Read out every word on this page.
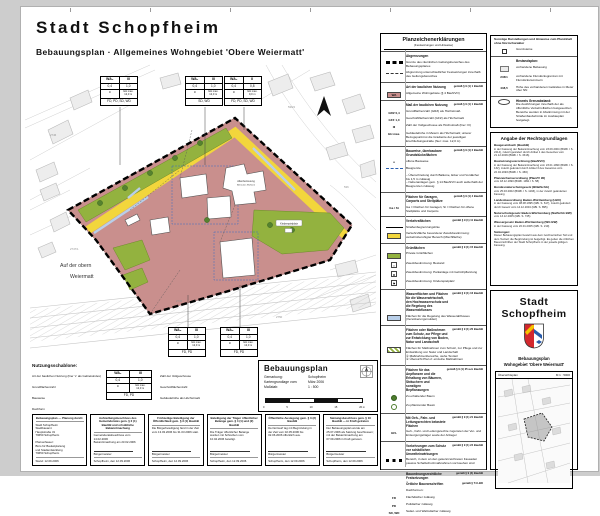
Stadt Schopfheim
Bebauungsplan · Allgemeines Wohngebiet 'Obere Weiermatt'
Kinderspielplatz
Altenbetreuung
Betreutes Wohnen
Auf der obern
Weiermatt
2746
2747/1
2745
530/2
536
2750
WA₃	III
0,4	1,0
o	GH max.
12,0 m
FD, PD, SD, WD
WA₁	III
0,4	1,0
o	GH max.
12,0 m
SD, WD
WA₂	II
0,4	0,8
o	GH max.
9,0 m
FD, PD, SD, WD
WA₄	III
0,4	1,0
o	GH max.
12,0 m
FD, PD
WA₅	III
0,4	1,0
o	GH max.
12,0 m
FD, PD
Planzeichenerklärungen
(Festsetzungen und Hinweise)
Abgrenzungen
Grenze des räumlichen Geltungsbereiches des Bebauungsplanes
Abgrenzung unterschiedlicher Festsetzungen innerhalb des Geltungsbereiches
Art der baulichen Nutzung	gemäß § 9 (1) 1 BauGB
WA
Allgemeine Wohngebiete (§ 4 BauNVO)
Maß der baulichen Nutzung	gemäß § 9 (1) 1 BauGB
GRZ 0,4 Grundflächenzahl (GRZ) als Höchstmaß
GFZ 1,0 Geschoßflächenzahl (GFZ) als Höchstmaß
III	Zahl der Vollgeschosse als Höchstmaß (hier: III)
GH max. Gebäudehöhe in Metern als Höchstmaß; unterer Bezugspunkt ist die Gradiente der jeweiligen Erschließungsstraße (hier: max. 12,0 m)
Bauweise, überbaubare Grundstücksflächen
gemäß § 9 (1) 2 BauGB
o	offene Bauweise
Baugrenze
– Überschreitung durch Balkone, Erker und Vordächer bis 1,5 m zulässig
– Nebenanlagen gem. § 14 BauNVO auch außerhalb der Baugrenzen zulässig
Flächen für Garagen, Carports und Stellplätze
gemäß § 9 (1) 4 BauGB
Ga / St Ga = Flächen für Garagen; St = Flächen für offene Stellplätze und Carports
Verkehrsflächen	gemäß § 9 (1) 11 BauGB
Straßenbegrenzungslinie
Verkehrsfläche besonderer Zweckbestimmung:
verkehrsberuhigter Bereich (Mischfläche)
Grünflächen	gemäß § 9 (1) 15 BauGB
Private Grünflächen
▪
Zweckbestimmung: Bestand
♣
Zweckbestimmung: Parkanlage mit Gehölzpflanzung
⚑
Zweckbestimmung: Kinderspielplatz
Wasserflächen und Flächen für die Wasserwirtschaft, den Hochwasserschutz und die Regelung des Wasserabflusses
gemäß § 9 (1) 16 BauGB
Flächen für die Regelung des Wasserabflusses (Versickerungsmulden)
Flächen oder Maßnahmen zum Schutz, zur Pflege und zur Entwicklung von Boden, Natur und Landschaft
gemäß § 9 (1) 20 BauGB
Flächen für Maßnahmen zum Schutz, zur Pflege und zur Entwicklung von Natur und Landschaft
① Maßnahmenbereiche, siehe Textteil
② Übersicht Plan 2: einzelne Maßnahmen
Flächen für das Anpflanzen und die Erhaltung von Bäumen, Sträuchern und sonstigen Bepflanzungen
gemäß § 9 (1) 25 a+b BauGB
Zu erhaltender Baum
Zu pflanzender Baum
Mit Geh-, Fahr- und Leitungsrechten belastete Flächen
gemäß § 9 (1) 21 BauGB
GFL	Geh-, Fahr- und Leitungsrechte zugunsten der Ver- und Entsorgungsträger sowie der Anlieger
Vorkehrungen zum Schutz vor schädlichen Umwelteinwirkungen
gemäß § 9 (1) 24 BauGB
Bereich, in dem an den gekennzeichneten Fassaden passive Schallschutzmaßnahmen vorzusehen sind
Bauordnungsrechtliche Festsetzungen
gemäß § 9 (4) BauGB
Örtliche Bauvorschriften	gemäß § 74 LBO
Dachformen:
FD	Flachdächer zulässig
PD	Pultdächer zulässig
SD, WD Sattel- und Walmdächer zulässig
Sonstige Darstellungen und Hinweise zum Planinhalt ohne Normcharakter
Grenzsteine
Bestandsplan:
vorhandene Bebauung
246/1	vorhandene Flurstücksgrenzen mit Flurstücksnummern
448,5	Höhe des vorhandenen Geländes in Meter über NN
Hinweis Grenzabstand:
Die Ausführungen innerhalb der als öffentliche Verkehrsflächen festgesetzten Bereiche werden in Abstimmung mit der Straßenbaubehörde im Ausbauplan festgelegt.
Angabe der Rechtsgrundlagen
Baugesetzbuch (BauGB)
in der Fassung der Bekanntmachung vom 23.09.2004 (BGBl. I S. 2414), zuletzt geändert durch Artikel 1 des Gesetzes vom 21.12.2006 (BGBl. I S. 3316)
Baunutzungsverordnung (BauNVO)
in der Fassung der Bekanntmachung vom 23.01.1990 (BGBl. I S. 132), zuletzt geändert durch Artikel 3 des Gesetzes vom 22.04.1993 (BGBl. I S. 466)
Planzeichenverordnung (PlanZV 90)
vom 18.12.1990 (BGBl. 1991 I S. 58)
Bundesnaturschutzgesetz (BNatSchG)
vom 25.03.2002 (BGBl. I S. 1193), in der zuletzt geänderten Fassung
Landesbauordnung Baden-Württemberg (LBO)
in der Fassung vom 08.08.1995 (GBl. S. 617), zuletzt geändert durch Gesetz vom 14.12.2004 (GBl. S. 895)
Naturschutzgesetz Baden-Württemberg (NatSchG BW)
vom 13.12.2005 (GBl. S. 745)
Wassergesetz Baden-Württemberg (WG BW)
in der Fassung vom 20.01.2005 (GBl. S. 219)
Satzungen:
Dieser Bebauungsplan besteht aus dem zeichnerischen Teil und dem Textteil; die Begründung ist beigefügt. Es gelten die örtlichen Bauvorschriften der Stadt Schopfheim in der jeweils gültigen Fassung.
Stadt
Schopfheim
Bebauungsplan
Wohngebiet 'Obere Weiermatt'
Übersichtsplan	M 1 : 5000
Nutzungsschablone:
Art der baulichen Nutzung (hier 'x' als Gebietsindex)
Grundflächenzahl
Bauweise
Dachform
WAₓ	III
0,4	1,0
o	GH max.
12,0 m
FD, PD
Zahl der Vollgeschosse
Geschoßflächenzahl
Gebäudehöhe als Höchstmaß
Bebauungsplan
Gemarkung:	Schopfheim
Kartengrundlage vom:	März 2006
Maßstab:	1 : 500
0	5	10	15	20 m
Bebauungsplan — Planung durch:
Stadt Schopfheim
Stadtbauamt
Hauptstraße 31
79650 Schopfheim

Planverfasser:
Büro für Bauleitplanung
und Stadtentwicklung
79650 Schopfheim
Stand: 12.09.2006
Aufstellungsbeschluss des Gemeinderates gem. § 2 (1) BauGB und ortsübliche Bekanntmachung
Gemeinderatsbeschluss vom 14.02.2006
Bekanntmachung am 23.02.2006
Bürgermeister
Schopfheim, den 12.09.2006
Frühzeitige Beteiligung der Öffentlichkeit gem. § 3 (1) BauGB
Die Bürgerbeteiligung fand in der Zeit vom 13.03.2006 bis 31.03.2006 statt.
Bürgermeister
Schopfheim, den 12.09.2006
Beteiligung der Träger öffentlicher Belange gem. § 4 (1) und (2) BauGB
Die Träger öffentlicher Belange wurden mit Schreiben vom 10.04.2006 beteiligt.
Bürgermeister
Schopfheim, den 12.09.2006
Öffentliche Auslegung gem. § 3 (2) BauGB
Der Entwurf lag mit Begründung in der Zeit vom 02.05.2006 bis 02.06.2006 öffentlich aus.
Bürgermeister
Schopfheim, den 12.09.2006
Satzungsbeschluss gem. § 10 BauGB — in Kraft getreten
Der Bebauungsplan wurde am 25.07.2006 als Satzung beschlossen; mit der Bekanntmachung am 07.09.2006 in Kraft getreten.
Bürgermeister
Schopfheim, den 12.09.2006
